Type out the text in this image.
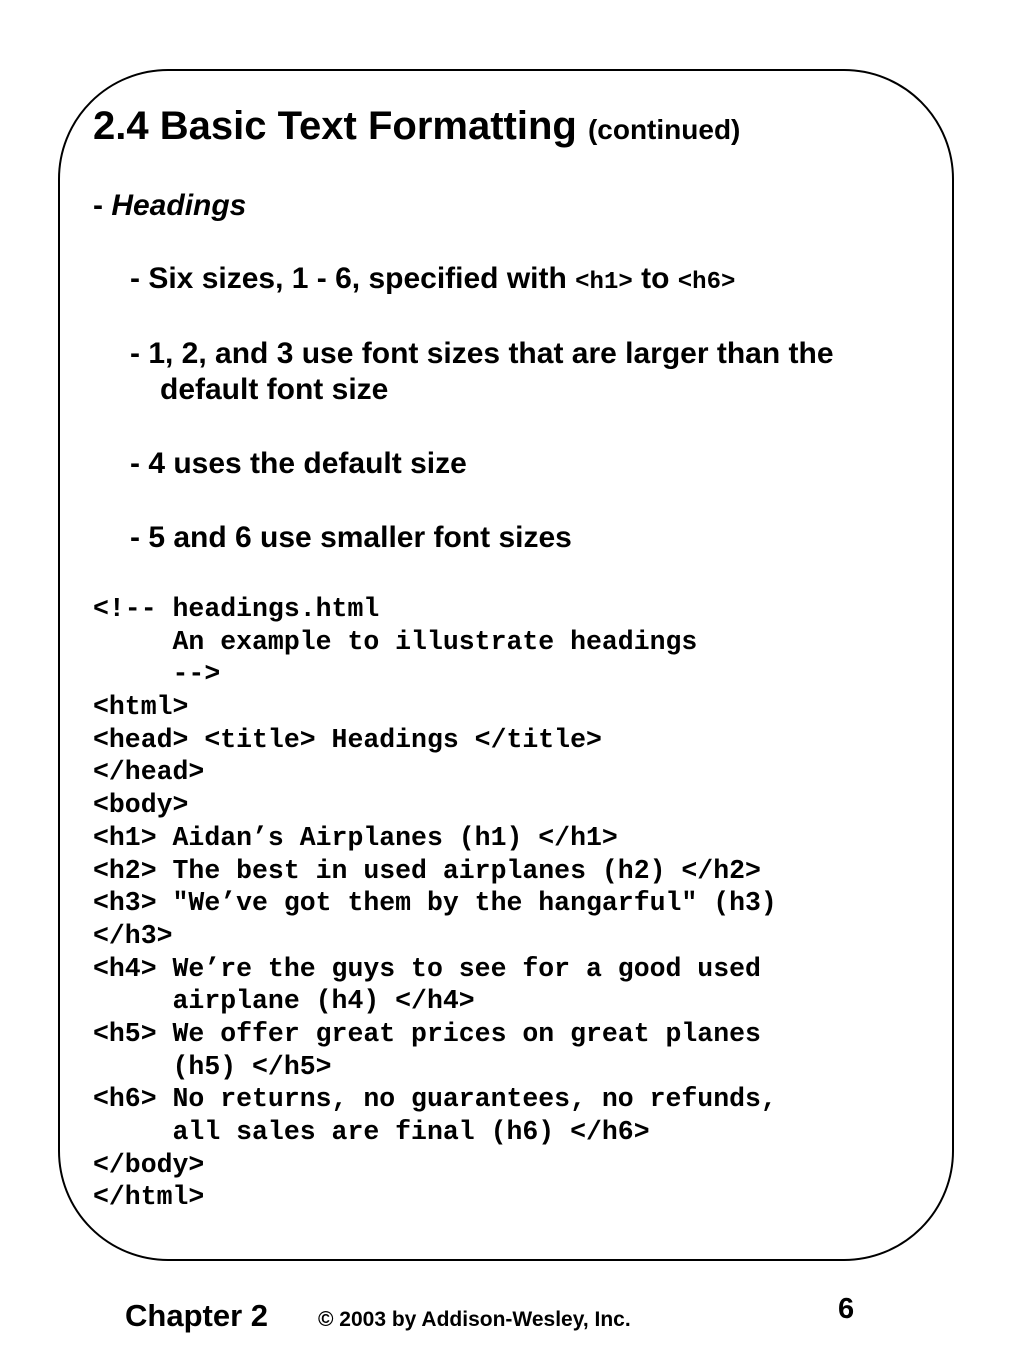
2.4 Basic Text Formatting (continued)

- Headings

- Six sizes, 1 - 6, specified with <h1> to <h6>

- 1, 2, and 3 use font sizes that are larger than the

default font size

- 4 uses the default size

- 5 and 6 use smaller font sizes

<!-- headings.html
An example to illustrate headings
-->
<html>
<head> <title> Headings </title>
</head>
<body>
<h1> Aidan’s Airplanes (h1) </h1>
<h2> The best in used airplanes (h2) </h2>
<h3> "We’ve got them by the hangarful" (h3)
</h3>
<h4> We’re the guys to see for a good used
airplane (h4) </h4>
<h5> We offer great prices on great planes
(h5) </h5>
<h6> No returns, no guarantees, no refunds,
all sales are final (h6) </h6>
</body>
</html>
Chapter 2 © 2003 by Addison-Wesley, Inc.	6
